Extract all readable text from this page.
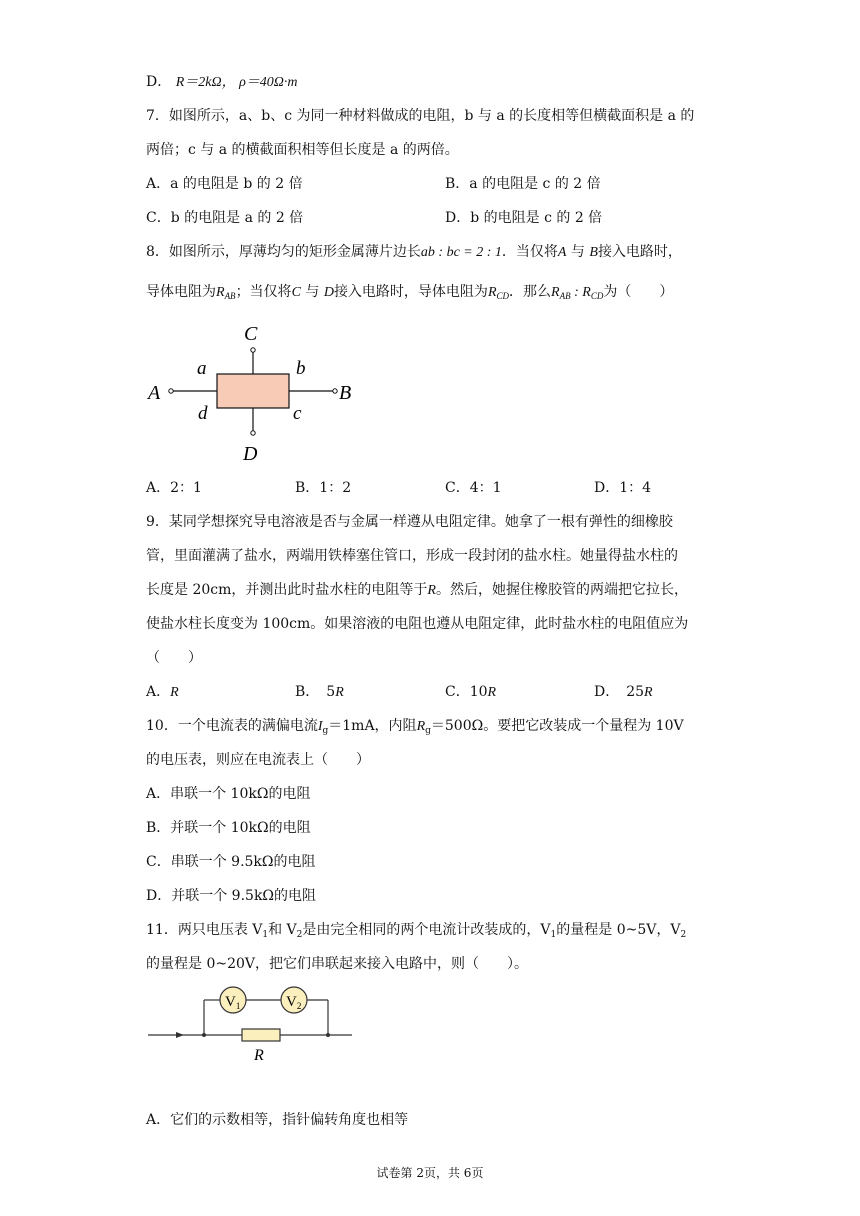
D． R＝2kΩ， ρ＝40Ω·m
7．如图所示，a、b、c 为同一种材料做成的电阻，b 与 a 的长度相等但横截面积是 a 的
两倍；c 与 a 的横截面积相等但长度是 a 的两倍。
A．a 的电阻是 b 的 2 倍	B．a 的电阻是 c 的 2 倍
C．b 的电阻是 a 的 2 倍	D．b 的电阻是 c 的 2 倍
8．如图所示，厚薄均匀的矩形金属薄片边长ab : bc = 2 : 1．当仅将A 与 B接入电路时，
导体电阻为$R_{AB}$；当仅将C 与 D接入电路时，导体电阻为$R_{CD}$．那么$R_{AB}$ : $R_{CD}$为（　　）
C
a	b
A	B
d	c
D
A．2：1	B．1：2	C．4：1	D．1：4
9．某同学想探究导电溶液是否与金属一样遵从电阻定律。她拿了一根有弹性的细橡胶
管，里面灌满了盐水，两端用铁棒塞住管口，形成一段封闭的盐水柱。她量得盐水柱的
长度是 20cm，并测出此时盐水柱的电阻等于R。然后，她握住橡胶管的两端把它拉长，
使盐水柱长度变为 100cm。如果溶液的电阻也遵从电阻定律，此时盐水柱的电阻值应为
（　　）
A．R	B．　5R	C．10R	D．　25R
10．一个电流表的满偏电流$I_g=1mA$，内阻$R_g=500\Omega$。要把它改装成一个量程为 10V
的电压表，则应在电流表上（　　）
A．串联一个 10kΩ的电阻
B．并联一个 10kΩ的电阻
C．串联一个 9.5kΩ的电阻
D．并联一个 9.5kΩ的电阻
11．两只电压表 $V_1$和 $V_2$是由完全相同的两个电流计改装成的，$V_1$的量程是 0~5V，$V_2$
的量程是 0~20V，把它们串联起来接入电路中，则（　　）。
$V_1$	$V_2$
R
A．它们的示数相等，指针偏转角度也相等
试卷第 2页，共 6页
